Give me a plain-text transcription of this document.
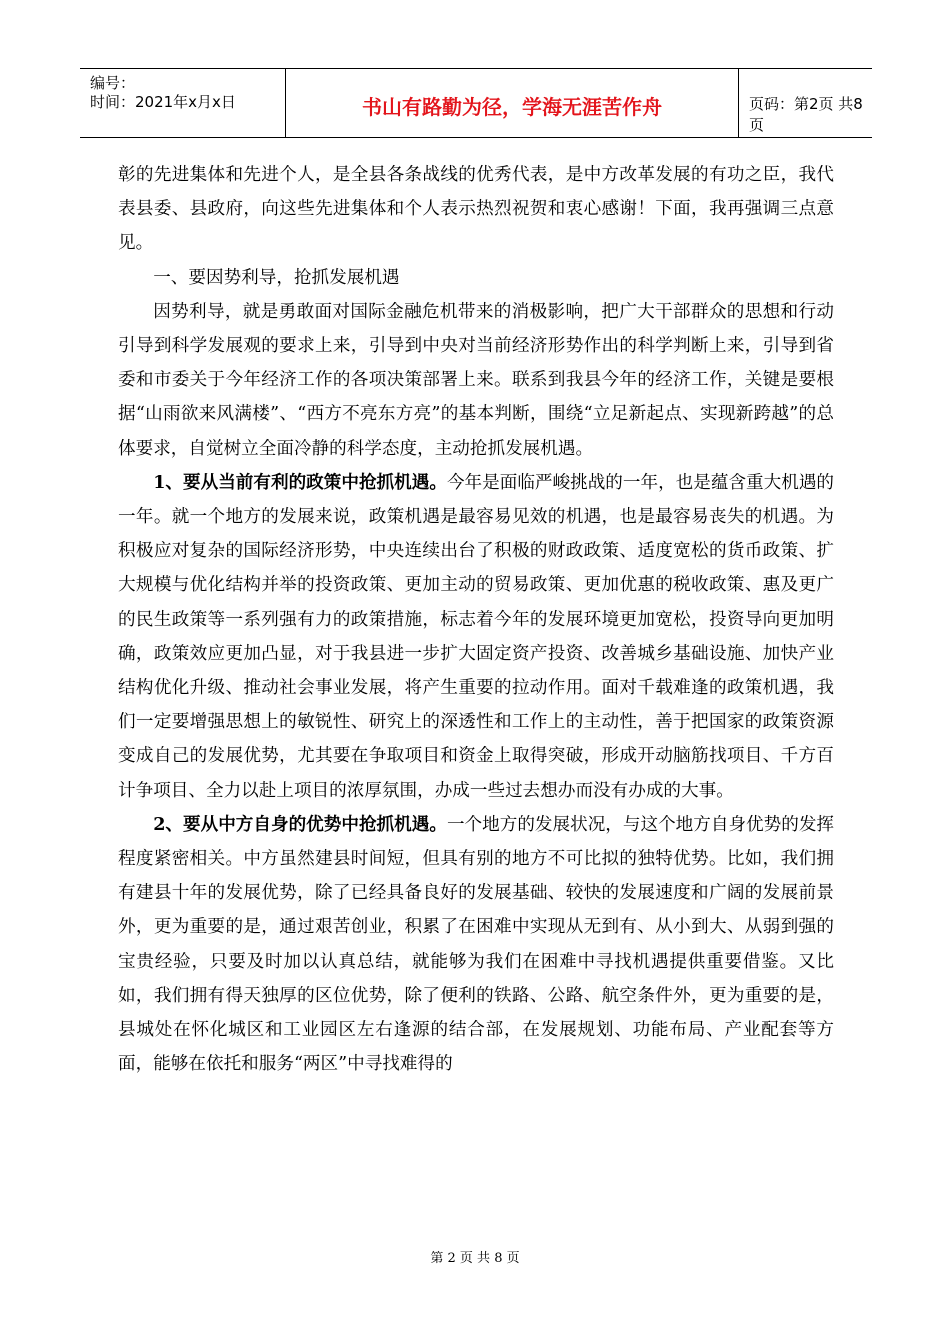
编号：
时间：2021年x月x日	书山有路勤为径，学海无涯苦作舟	页码：第2页 共8页

彰的先进集体和先进个人，是全县各条战线的优秀代表，是中方改革发展的有功之臣，我代表县委、县政府，向这些先进集体和个人表示热烈祝贺和衷心感谢！下面，我再强调三点意见。

一、要因势利导，抢抓发展机遇

因势利导，就是勇敢面对国际金融危机带来的消极影响，把广大干部群众的思想和行动引导到科学发展观的要求上来，引导到中央对当前经济形势作出的科学判断上来，引导到省委和市委关于今年经济工作的各项决策部署上来。联系到我县今年的经济工作，关键是要根据“山雨欲来风满楼”、“西方不亮东方亮”的基本判断，围绕“立足新起点、实现新跨越”的总体要求，自觉树立全面冷静的科学态度，主动抢抓发展机遇。

1、要从当前有利的政策中抢抓机遇。今年是面临严峻挑战的一年，也是蕴含重大机遇的一年。就一个地方的发展来说，政策机遇是最容易见效的机遇，也是最容易丧失的机遇。为积极应对复杂的国际经济形势，中央连续出台了积极的财政政策、适度宽松的货币政策、扩大规模与优化结构并举的投资政策、更加主动的贸易政策、更加优惠的税收政策、惠及更广的民生政策等一系列强有力的政策措施，标志着今年的发展环境更加宽松，投资导向更加明确，政策效应更加凸显，对于我县进一步扩大固定资产投资、改善城乡基础设施、加快产业结构优化升级、推动社会事业发展，将产生重要的拉动作用。面对千载难逢的政策机遇，我们一定要增强思想上的敏锐性、研究上的深透性和工作上的主动性，善于把国家的政策资源变成自己的发展优势，尤其要在争取项目和资金上取得突破，形成开动脑筋找项目、千方百计争项目、全力以赴上项目的浓厚氛围，办成一些过去想办而没有办成的大事。

2、要从中方自身的优势中抢抓机遇。一个地方的发展状况，与这个地方自身优势的发挥程度紧密相关。中方虽然建县时间短，但具有别的地方不可比拟的独特优势。比如，我们拥有建县十年的发展优势，除了已经具备良好的发展基础、较快的发展速度和广阔的发展前景外，更为重要的是，通过艰苦创业，积累了在困难中实现从无到有、从小到大、从弱到强的宝贵经验，只要及时加以认真总结，就能够为我们在困难中寻找机遇提供重要借鉴。又比如，我们拥有得天独厚的区位优势，除了便利的铁路、公路、航空条件外，更为重要的是，县城处在怀化城区和工业园区左右逢源的结合部，在发展规划、功能布局、产业配套等方面，能够在依托和服务“两区”中寻找难得的

第 2 页 共 8 页
